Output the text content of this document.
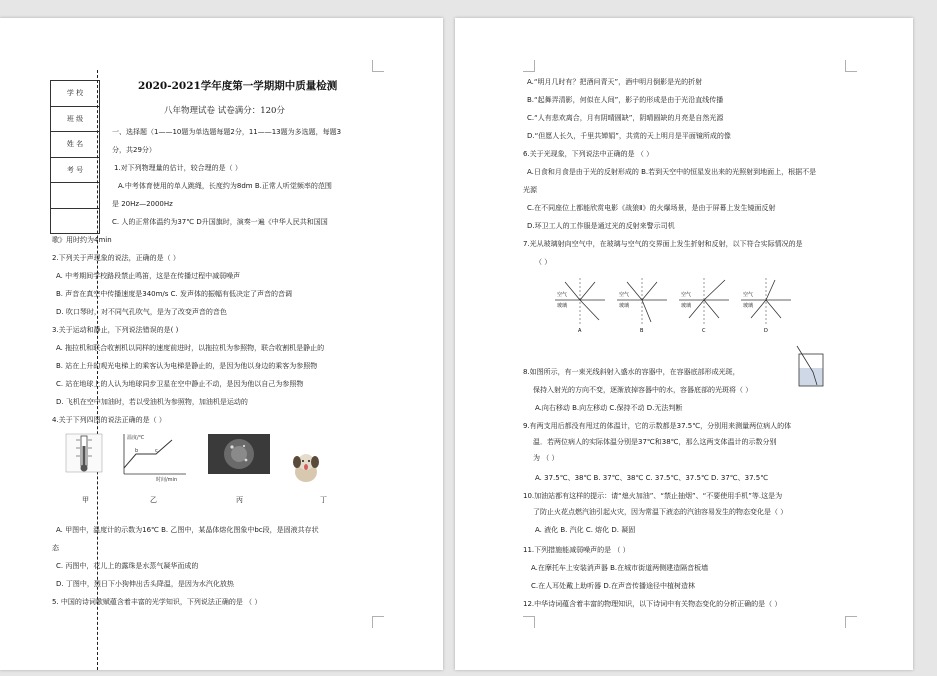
2020-2021学年度第一学期期中质量检测
八年物理试卷 试卷满分：120分
学 校
班 级
姓 名
考 号
一、选择题（1——10题为单选题每题2分，11——13题为多选题，每题3
分，共29分）
1.对下列物理量的估计，较合理的是（ ）
A.中考体育使用的单人跳绳，长度约为8dm B.正常人听觉频率的范围
是 20Hz—2000Hz
C. 人的正常体温约为37℃ D升国旗时，演奏一遍《中华人民共和国国
歌》用时约为4min
2.下列关于声现象的说法，正确的是（ ）
A. 中考期间学校路段禁止鸣笛，这是在传播过程中减弱噪声
B. 声音在真空中传播速度是340m/s C. 发声体的振幅有低决定了声音的音调
D. 吹口琴时，对不同气孔吹气，是为了改变声音的音色
3.关于运动和静止，下列说法错误的是( )
A. 拖拉机和联合收割机以同样的速度前进时，以拖拉机为参照物，联合收割机是静止的
B. 站在上升的观光电梯上的乘客认为电梯是静止的，是因为他以身边的乘客为参照物
C. 站在地球上的人认为地球同步卫星在空中静止不动，是因为他以自己为参照物
D. 飞机在空中加油时，若以受油机为参照物，加油机是运动的
4.关于下列四图的说法正确的是（ ）
温度/℃
时间/min
b	c
甲	乙	丙	丁
A. 甲图中，温度计的示数为16℃ B. 乙图中，某晶体熔化图象中bc段，是固液共存状
态
C. 丙图中，花儿上的露珠是水蒸气凝华而成的
D. 丁图中，烈日下小狗伸出舌头降温，是因为水汽化放热
5. 中国的诗词歌赋蕴含着丰富的光学知识，下列说法正确的是 （ ）
A.“明月几时有？把酒问青天”，酒中明月倒影是光的折射
B.“起舞弄清影，何似在人间”，影子的形成是由于光沿直线传播
C.“人有悲欢离合，月有阴晴圆缺”，阴晴圆缺的月亮是自然光源
D.“但愿人长久，千里共婵娟”，共赏的天上明月是平面镜所成的像
6.关于光现象，下列说法中正确的是 （ ）
A.日食和月食是由于光的反射形成的 B.若到天空中的恒星发出来的光照射到地面上，根据不是
光源
C.在不同座位上都能欣赏电影《战狼Ⅱ》的火爆场景，是由于屏幕上发生镜面反射
D.环卫工人的工作服是通过光的反射来警示司机
7.光从玻璃射向空气中，在玻璃与空气的交界面上发生折射和反射，以下符合实际情况的是
（ ）
空气
玻璃
A
空气
玻璃
B
空气
玻璃
C
空气
玻璃
D
8.如图所示，有一束光线斜射入盛水的容器中，在容器底部形成光斑，
保持入射光的方向不变，逐渐放掉容器中的水，容器底部的光斑将（ ）
A.向右移动 B.向左移动 C.保持不动 D.无法判断
9.有两支用后都没有甩过的体温计，它的示数都是37.5℃，分别用来测量两位病人的体
温．若两位病人的实际体温分别是37℃和38℃，那么这两支体温计的示数分别
为 （ ）
A. 37.5℃、38℃ B. 37℃、38℃ C. 37.5℃、37.5℃ D. 37℃、37.5℃
10.加油站都有这样的提示：请“熄火加油”、“禁止抽烟”、“不要使用手机”等.这是为
了防止火花点燃汽油引起火灾，因为常温下液态的汽油容易发生的物态变化是（ ）
A. 液化 B. 汽化 C. 熔化 D. 凝固
11.下列措施能减弱噪声的是 （ ）
A.在摩托车上安装消声器 B.在城市街道两侧建造隔音板墙
C.在人耳处戴上助听器 D.在声音传播途径中植树造林
12.中华诗词蕴含着丰富的物理知识，以下诗词中有关物态变化的分析正确的是（ ）
